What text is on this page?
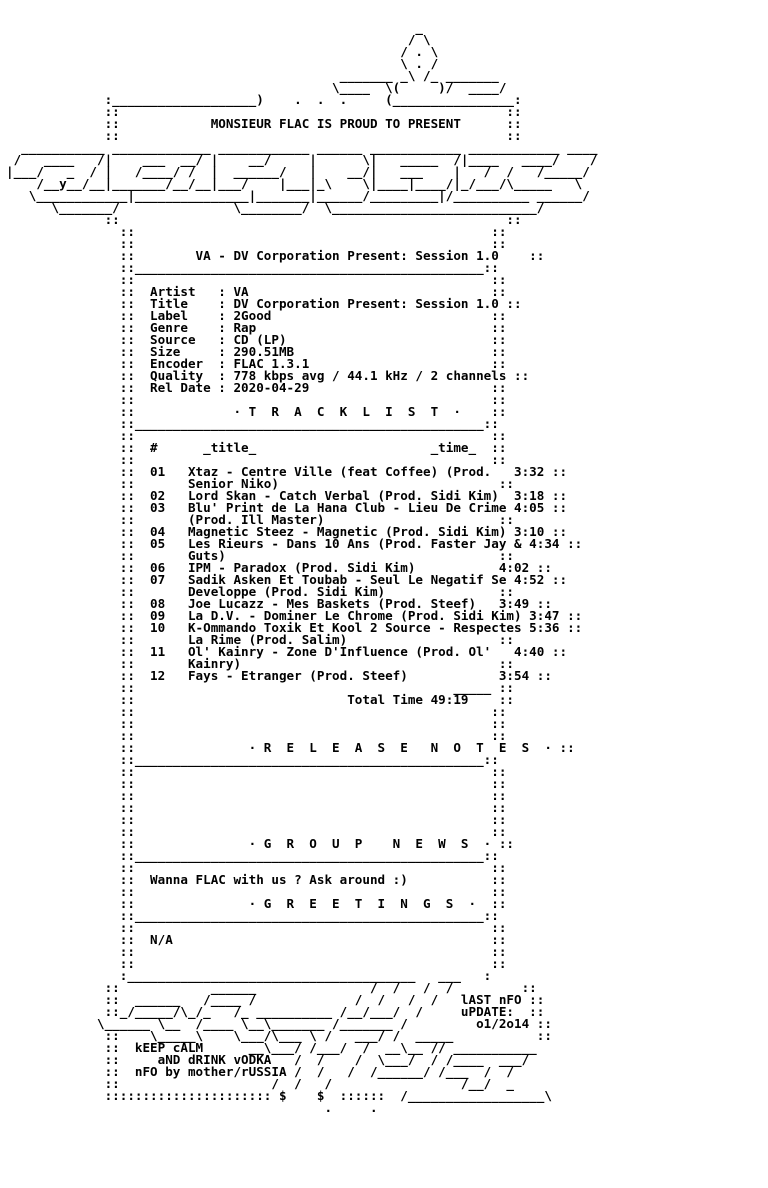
_
/ \
/ . \
\ . /
_______ _\ /_ _______
\____  \(     )/  ____/
:___________________)    .  .  .     (________________:
::                                                   ::
::            MONSIEUR FLAC IS PROUD TO PRESENT      ::
::                                                   ::
___________ _____________ ____________ ______ ____________ ____________ ____
/   ____   /|    ___  __/ |    __/     |      \|   _____  /|____   ____/    /
|___/   _  / |   /____/ /  |  ______/   |    __/|   ___    |   /  /   /_____/
/__y__/__|_______/__/__|___/    |___|_\    \|____|____/|_/___/\_____   \
\____________|_______________|_______|______/_________|/__________ ______/
\_______/               \________/  \___________________________/
::                                                   ::
::                                               ::
::                                               ::
::        VA - DV Corporation Present: Session 1.0    ::
::______________________________________________::
::                                               ::
::  Artist   : VA                                ::
::  Title    : DV Corporation Present: Session 1.0 ::
::  Label    : 2Good                             ::
::  Genre    : Rap                               ::
::  Source   : CD (LP)                           ::
::  Size     : 290.51MB                          ::
::  Encoder  : FLAC 1.3.1                        ::
::  Quality  : 778 kbps avg / 44.1 kHz / 2 channels ::
::  Rel Date : 2020-04-29                        ::
::                                               ::
::             · T  R  A  C  K  L  I  S  T  ·    ::
::______________________________________________::
::                                               ::
::  #      _title_                       _time_  ::
::                                               ::
::  01   Xtaz - Centre Ville (feat Coffee) (Prod.   3:32 ::
::       Senior Niko)                             ::
::  02   Lord Skan - Catch Verbal (Prod. Sidi Kim)  3:18 ::
::  03   Blu' Print de La Hana Club - Lieu De Crime 4:05 ::
::       (Prod. Ill Master)                       ::
::  04   Magnetic Steez - Magnetic (Prod. Sidi Kim) 3:10 ::
::  05   Les Rieurs - Dans 10 Ans (Prod. Faster Jay & 4:34 ::
::       Guts)                                    ::
::  06   IPM - Paradox (Prod. Sidi Kim)           4:02 ::
::  07   Sadik Asken Et Toubab - Seul Le Negatif Se 4:52 ::
::       Developpe (Prod. Sidi Kim)               ::
::  08   Joe Lucazz - Mes Baskets (Prod. Steef)   3:49 ::
::  09   La D.V. - Dominer Le Chrome (Prod. Sidi Kim) 3:47 ::
::  10   K-Ommando Toxik Et Kool 2 Source - Respectes 5:36 ::
::       La Rime (Prod. Salim)                    ::
::  11   Ol' Kainry - Zone D'Influence (Prod. Ol'   4:40 ::
::       Kainry)                                  ::
::  12   Fays - Etranger (Prod. Steef)            3:54 ::
::                                          _____ ::
::                            Total Time 49:19    ::
::                                               ::
::                                               ::
::                                               ::
::               · R  E  L  E  A  S  E   N  O  T  E  S  · ::
::______________________________________________::
::                                               ::
::                                               ::
::                                               ::
::                                               ::
::                                               ::
::                                               ::
::               · G  R  O  U  P    N  E  W  S  · ::
::______________________________________________::
::                                               ::
::  Wanna FLAC with us ? Ask around :)           ::
::                                               ::
::               · G  R  E  E  T  I  N  G  S  ·  ::
::______________________________________________::
::                                               ::
::  N/A                                          ::
::                                               ::
::                                               ::
:______________________________________   ___   :
::            ______               /  /   /  /         ::
::  ______   /____ /             /  /   /  /   lAST nFO ::
::_/_____/\_/_   /_ __________ /__/___/  /     uPDATE:  ::
\______ \__  /____ \__\_______ /_______ /         o1/2o14 ::
::    \_____\    \___/\___ \ /   ___/ /  _____           ::
::  kEEP cALM      __\___/ /___/  /  __\__ // ___________
::     aND dRINK vODKA   /  /    /  \___/  / /____  ___/
::  nFO by mother/rUSSIA /  /   /  /______/ /___  /  /
::                    /  /   /                 /__/  _
:::::::::::::::::::::: $    $  ::::::  /__________________\
.     .
